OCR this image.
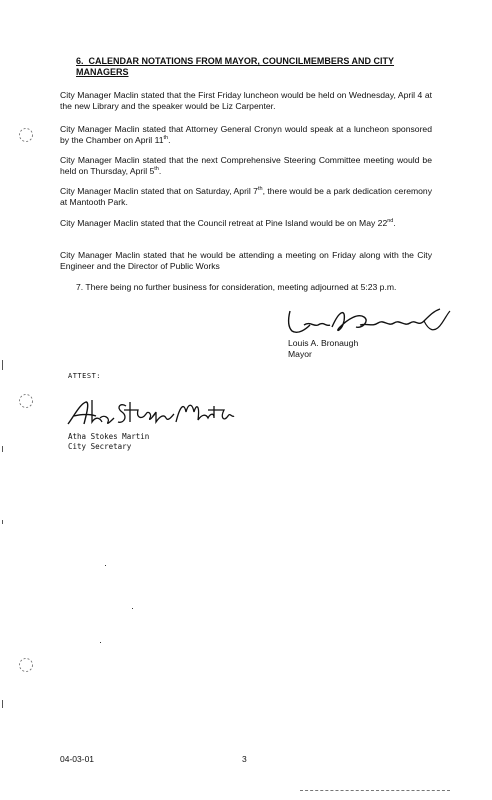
6. CALENDAR NOTATIONS FROM MAYOR, COUNCILMEMBERS AND CITY MANAGERS
City Manager Maclin stated that the First Friday luncheon would be held on Wednesday, April 4 at the new Library and the speaker would be Liz Carpenter.
City Manager Maclin stated that Attorney General Cronyn would speak at a luncheon sponsored by the Chamber on April 11th.
City Manager Maclin stated that the next Comprehensive Steering Committee meeting would be held on Thursday, April 5th.
City Manager Maclin stated that on Saturday, April 7th, there would be a park dedication ceremony at Mantooth Park.
City Manager Maclin stated that the Council retreat at Pine Island would be on May 22nd.
City Manager Maclin stated that he would be attending a meeting on Friday along with the City Engineer and the Director of Public Works
7. There being no further business for consideration, meeting adjourned at 5:23 p.m.
Louis A. Bronaugh
Mayor
ATTEST:
Atha Stokes Martin
City Secretary
04-03-01	3
